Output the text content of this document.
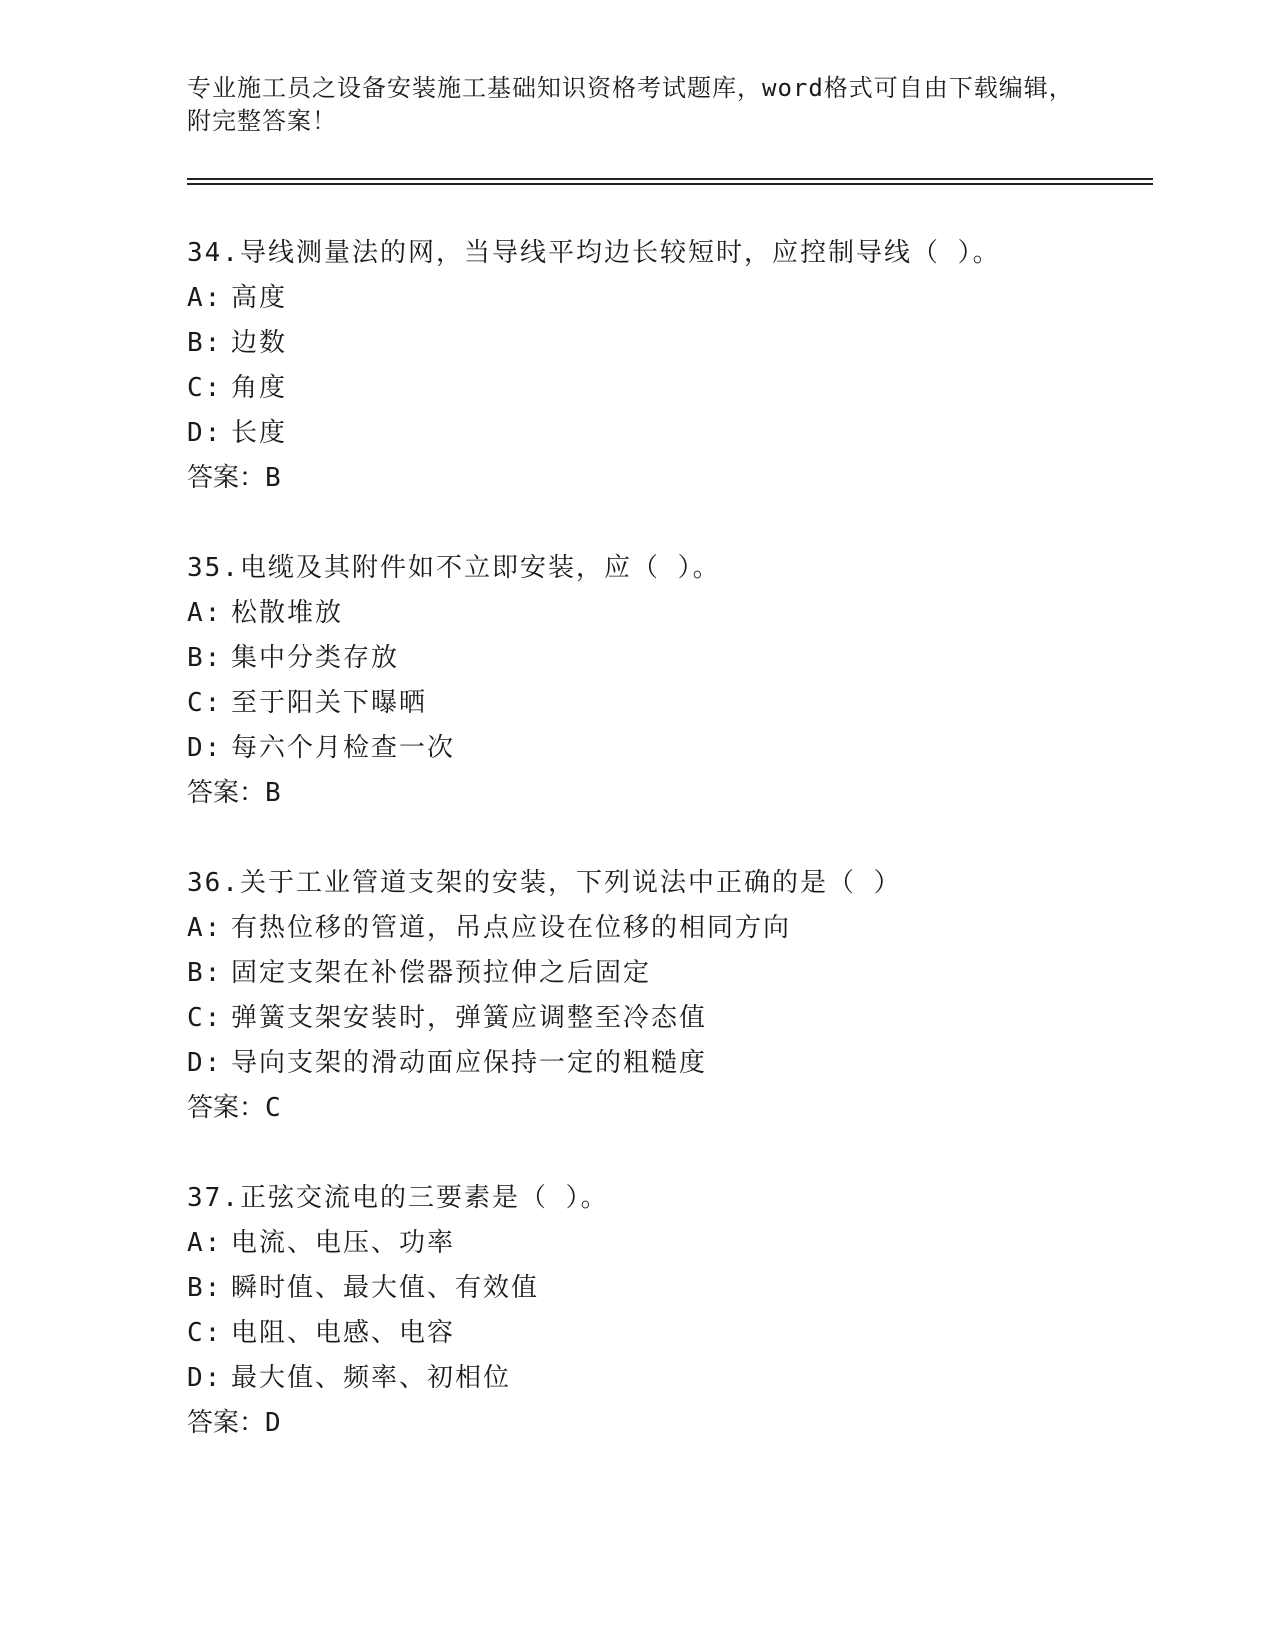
专业施工员之设备安装施工基础知识资格考试题库，word格式可自由下载编辑，
附完整答案！
34.导线测量法的网，当导线平均边长较短时，应控制导线（ ）。
A: 高度
B: 边数
C: 角度
D: 长度
答案：B
35.电缆及其附件如不立即安装，应（ ）。
A: 松散堆放
B: 集中分类存放
C: 至于阳关下曝晒
D: 每六个月检查一次
答案：B
36.关于工业管道支架的安装，下列说法中正确的是（ ）
A: 有热位移的管道，吊点应设在位移的相同方向
B: 固定支架在补偿器预拉伸之后固定
C: 弹簧支架安装时，弹簧应调整至冷态值
D: 导向支架的滑动面应保持一定的粗糙度
答案：C
37.正弦交流电的三要素是（ ）。
A: 电流、电压、功率
B: 瞬时值、最大值、有效值
C: 电阻、电感、电容
D: 最大值、频率、初相位
答案：D
